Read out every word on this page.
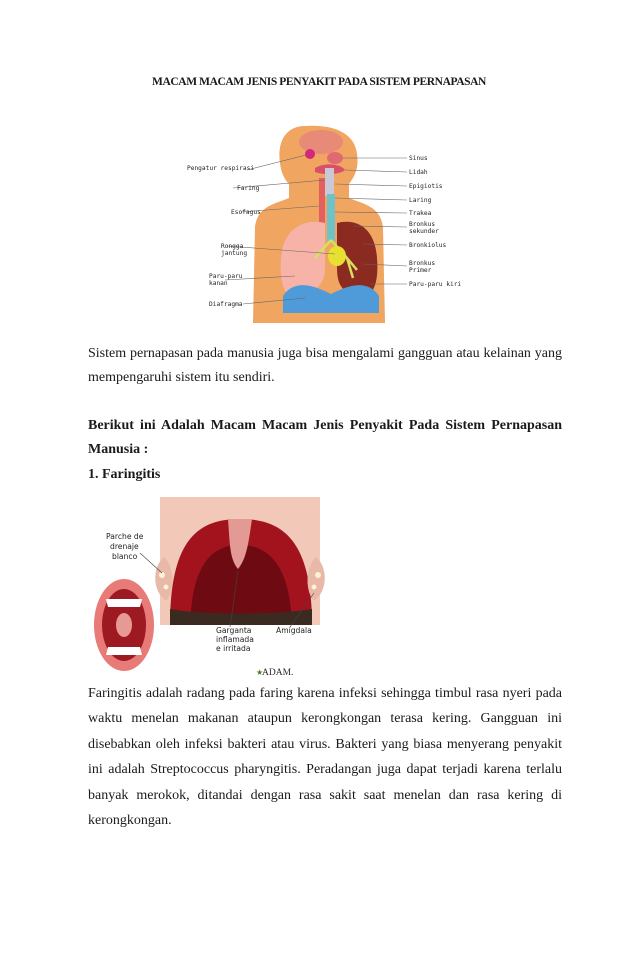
MACAM MACAM JENIS PENYAKIT PADA SISTEM PERNAPASAN
Pengatur respirasi
Faring
Esofagus
Rongga
jantung
Paru-paru
kanan
Diafragma
Sinus
Lidah
Epigiotis
Laring
Trakea
Bronkus
sekunder
Bronkiolus
Bronkus
Primer
Paru-paru kiri
Sistem pernapasan pada manusia juga bisa mengalami gangguan atau kelainan yang mempengaruhi sistem itu sendiri.
Berikut ini Adalah Macam Macam Jenis Penyakit Pada Sistem Pernapasan Manusia :
1. Faringitis
Parche de
drenaje
blanco
Garganta
inflamada
e irritada
Amígdala
ADAM.
★
Faringitis adalah radang pada faring karena infeksi sehingga timbul rasa nyeri pada waktu menelan makanan ataupun kerongkongan terasa kering. Gangguan ini disebabkan oleh infeksi bakteri atau virus. Bakteri yang biasa menyerang penyakit ini adalah Streptococcus pharyngitis. Peradangan juga dapat terjadi karena terlalu banyak merokok, ditandai dengan rasa sakit saat menelan dan rasa kering di kerongkongan.
